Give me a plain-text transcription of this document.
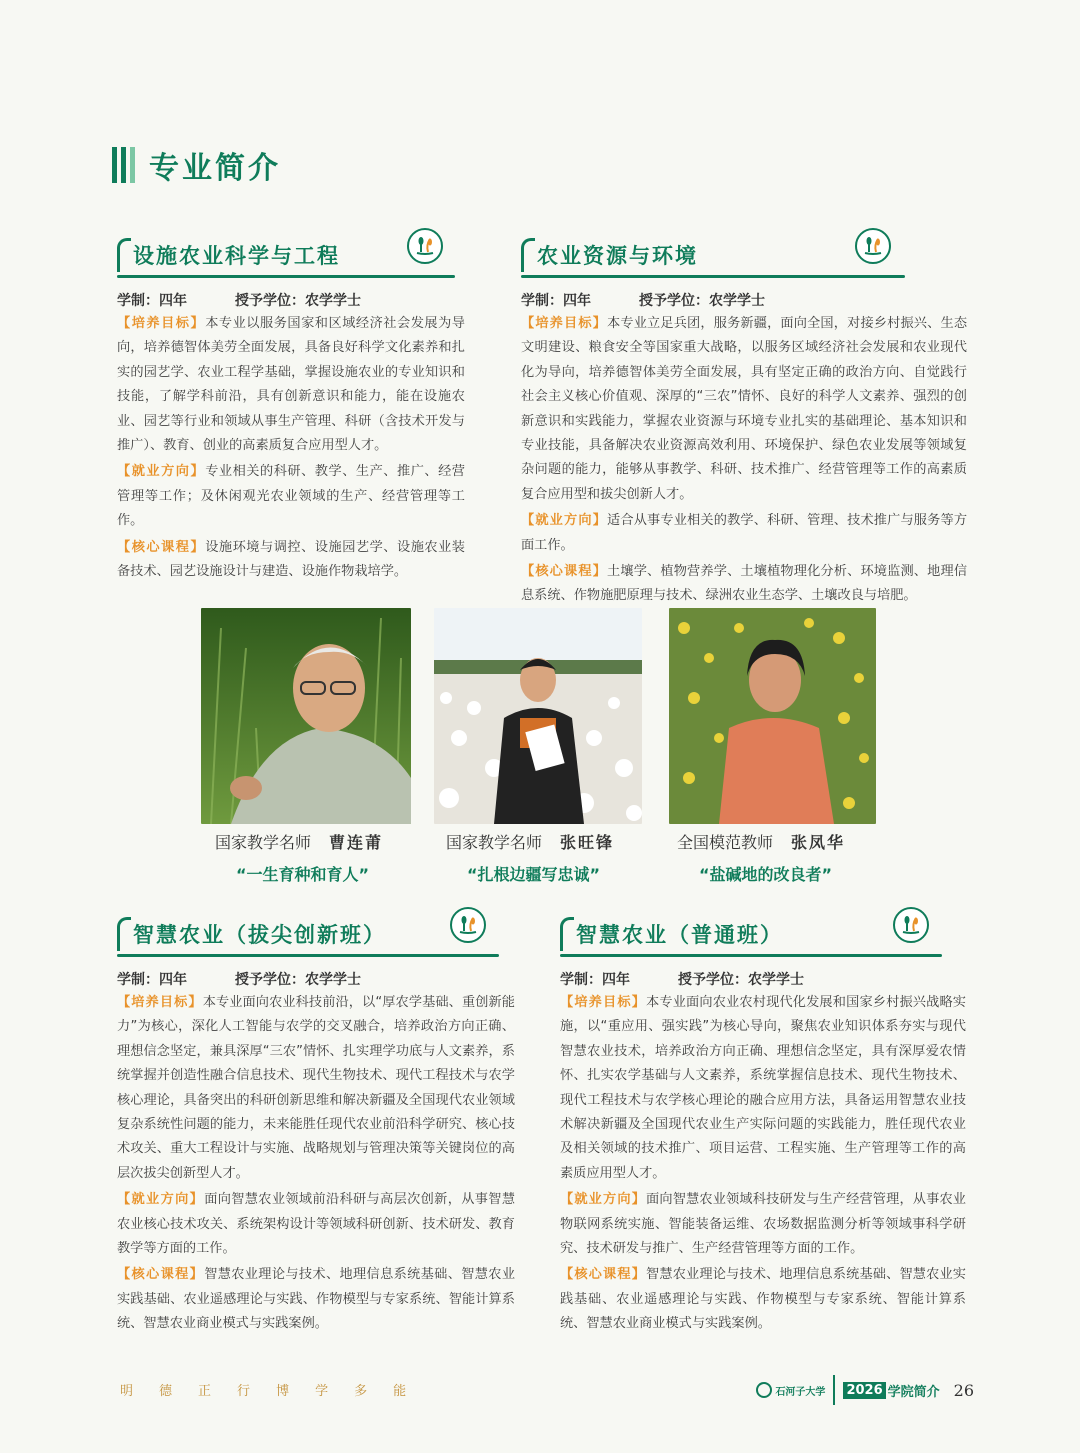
专业简介
设施农业科学与工程
学制：四年	授予学位：农学学士

【培养目标】本专业以服务国家和区域经济社会发展为导向，培养德智体美劳全面发展，具备良好科学文化素养和扎实的园艺学、农业工程学基础，掌握设施农业的专业知识和技能，了解学科前沿，具有创新意识和能力，能在设施农业、园艺等行业和领域从事生产管理、科研（含技术开发与推广）、教育、创业的高素质复合应用型人才。

【就业方向】专业相关的科研、教学、生产、推广、经营管理等工作；及休闲观光农业领域的生产、经营管理等工作。

【核心课程】设施环境与调控、设施园艺学、设施农业装备技术、园艺设施设计与建造、设施作物栽培学。

农业资源与环境
学制：四年	授予学位：农学学士

【培养目标】本专业立足兵团，服务新疆，面向全国，对接乡村振兴、生态文明建设、粮食安全等国家重大战略，以服务区域经济社会发展和农业现代化为导向，培养德智体美劳全面发展，具有坚定正确的政治方向、自觉践行社会主义核心价值观、深厚的“三农”情怀、良好的科学人文素养、强烈的创新意识和实践能力，掌握农业资源与环境专业扎实的基础理论、基本知识和专业技能，具备解决农业资源高效利用、环境保护、绿色农业发展等领域复杂问题的能力，能够从事教学、科研、技术推广、经营管理等工作的高素质复合应用型和拔尖创新人才。

【就业方向】适合从事专业相关的教学、科研、管理、技术推广与服务等方面工作。

【核心课程】土壤学、植物营养学、土壤植物理化分析、环境监测、地理信息系统、作物施肥原理与技术、绿洲农业生态学、土壤改良与培肥。

国家教学名师 曹连莆	国家教学名师 张旺锋	全国模范教师 张凤华
“一生育种和育人”	“扎根边疆写忠诚”	“盐碱地的改良者”
智慧农业（拔尖创新班）
学制：四年	授予学位：农学学士

【培养目标】本专业面向农业科技前沿，以“厚农学基础、重创新能力”为核心，深化人工智能与农学的交叉融合，培养政治方向正确、理想信念坚定，兼具深厚“三农”情怀、扎实理学功底与人文素养，系统掌握并创造性融合信息技术、现代生物技术、现代工程技术与农学核心理论，具备突出的科研创新思维和解决新疆及全国现代农业领域复杂系统性问题的能力，未来能胜任现代农业前沿科学研究、核心技术攻关、重大工程设计与实施、战略规划与管理决策等关键岗位的高层次拔尖创新型人才。

【就业方向】面向智慧农业领域前沿科研与高层次创新，从事智慧农业核心技术攻关、系统架构设计等领域科研创新、技术研发、教育教学等方面的工作。

【核心课程】智慧农业理论与技术、地理信息系统基础、智慧农业实践基础、农业遥感理论与实践、作物模型与专家系统、智能计算系统、智慧农业商业模式与实践案例。

智慧农业（普通班）
学制：四年	授予学位：农学学士

【培养目标】本专业面向农业农村现代化发展和国家乡村振兴战略实施，以“重应用、强实践”为核心导向，聚焦农业知识体系夯实与现代智慧农业技术，培养政治方向正确、理想信念坚定，具有深厚爱农情怀、扎实农学基础与人文素养，系统掌握信息技术、现代生物技术、现代工程技术与农学核心理论的融合应用方法，具备运用智慧农业技术解决新疆及全国现代农业生产实际问题的实践能力，胜任现代农业及相关领域的技术推广、项目运营、工程实施、生产管理等工作的高素质应用型人才。

【就业方向】面向智慧农业领域科技研发与生产经营管理，从事农业物联网系统实施、智能装备运维、农场数据监测分析等领域事科学研究、技术研发与推广、生产经营管理等方面的工作。

【核心课程】智慧农业理论与技术、地理信息系统基础、智慧农业实践基础、农业遥感理论与实践、作物模型与专家系统、智能计算系统、智慧农业商业模式与实践案例。

明 德 正 行 博 学 多 能	石河子大学 2026 学院简介 26
